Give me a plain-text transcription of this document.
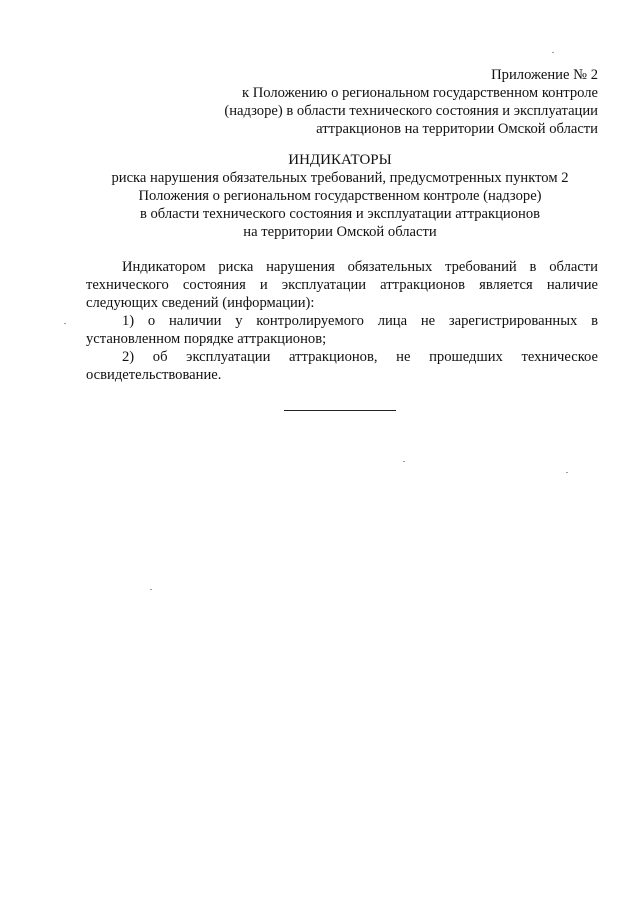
Приложение № 2
к Положению о региональном государственном контроле
(надзоре) в области технического состояния и эксплуатации
аттракционов на территории Омской области
ИНДИКАТОРЫ
риска нарушения обязательных требований, предусмотренных пунктом 2
Положения о региональном государственном контроле (надзоре)
в области технического состояния и эксплуатации аттракционов
на территории Омской области

Индикатором риска нарушения обязательных требований в области технического состояния и эксплуатации аттракционов является наличие следующих сведений (информации):

1) о наличии у контролируемого лица не зарегистрированных в установленном порядке аттракционов;

2) об эксплуатации аттракционов, не прошедших техническое освидетельствование.
